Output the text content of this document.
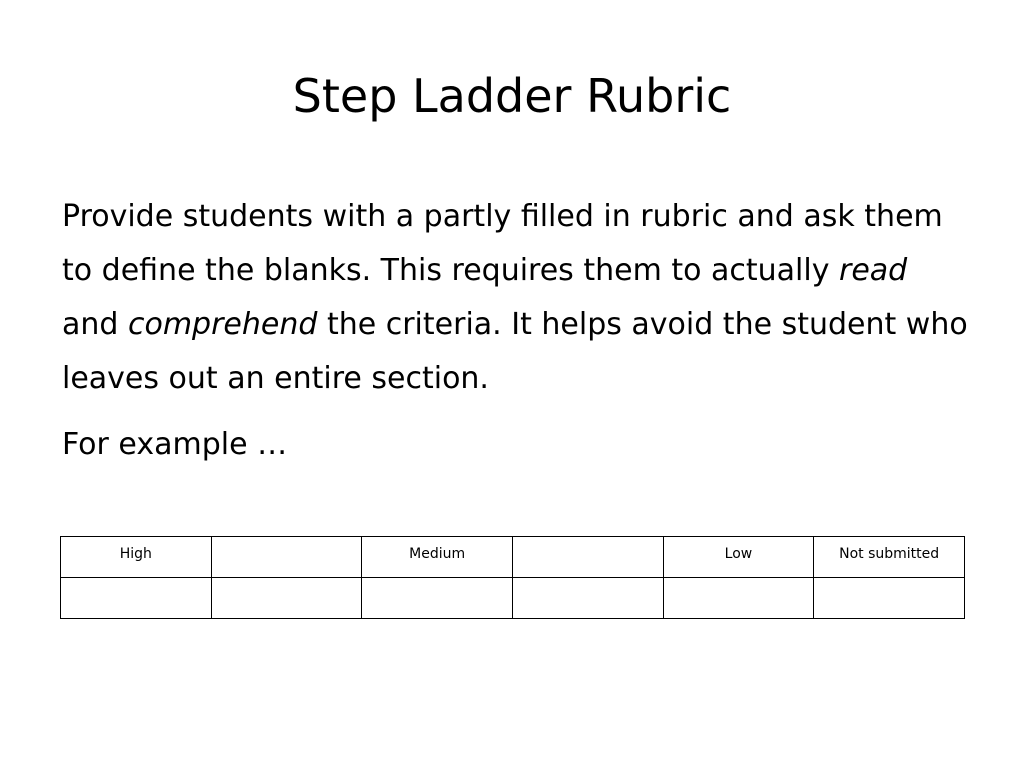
Step Ladder Rubric

Provide students with a partly filled in rubric and ask them to define the blanks. This requires them to actually read and comprehend the criteria. It helps avoid the student who leaves out an entire section.

For example …

High		Medium		Low	Not submitted
